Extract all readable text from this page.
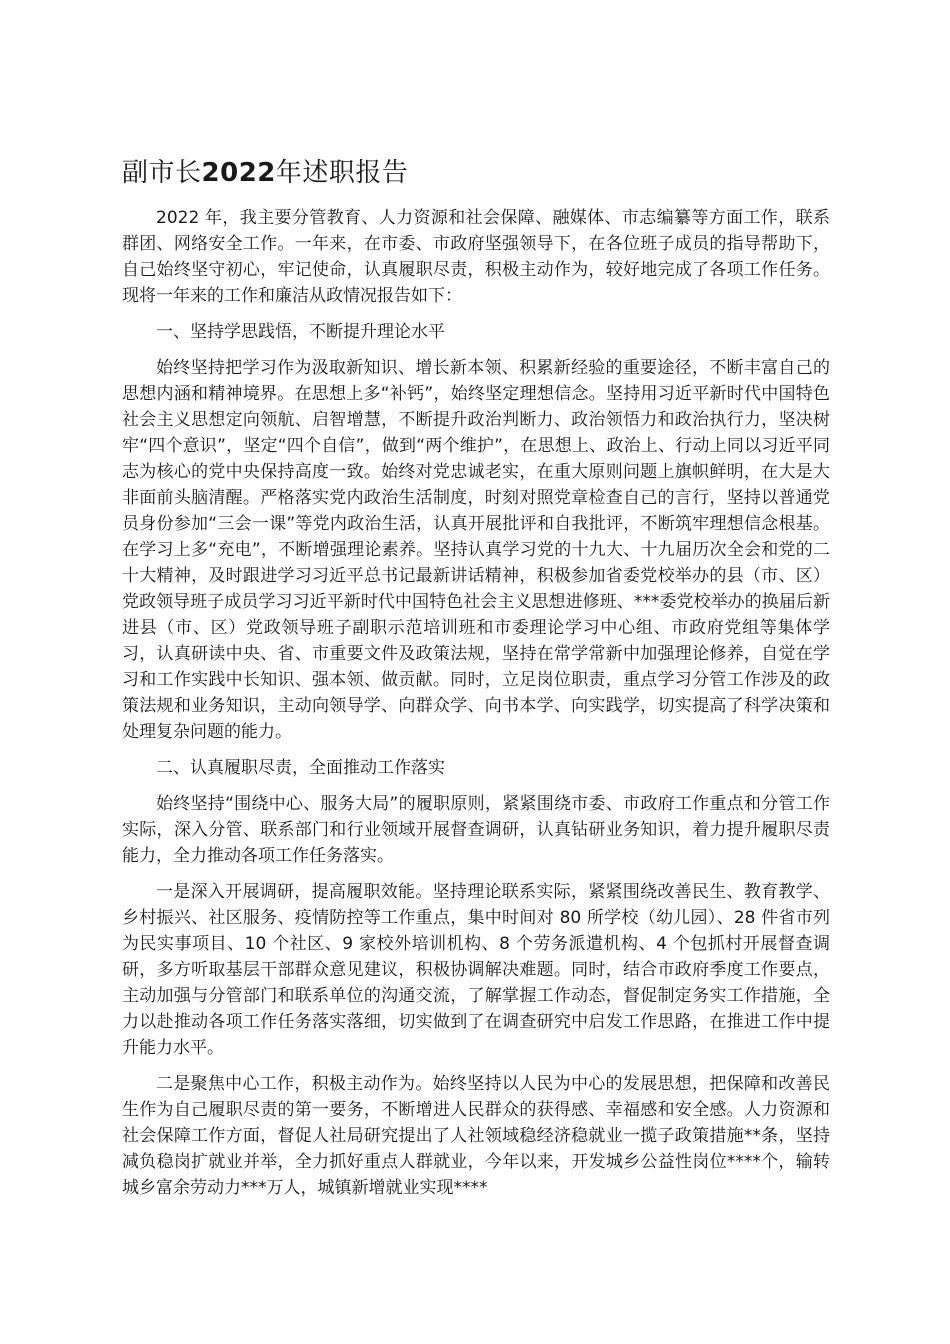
副市长2022年述职报告

2022 年，我主要分管教育、人力资源和社会保障、融媒体、市志编纂等方面工作，联系群团、网络安全工作。一年来，在市委、市政府坚强领导下，在各位班子成员的指导帮助下，自己始终坚守初心，牢记使命，认真履职尽责，积极主动作为，较好地完成了各项工作任务。现将一年来的工作和廉洁从政情况报告如下：

一、坚持学思践悟，不断提升理论水平

始终坚持把学习作为汲取新知识、增长新本领、积累新经验的重要途径，不断丰富自己的思想内涵和精神境界。在思想上多“补钙”，始终坚定理想信念。坚持用习近平新时代中国特色社会主义思想定向领航、启智增慧，不断提升政治判断力、政治领悟力和政治执行力，坚决树牢“四个意识”，坚定“四个自信”，做到“两个维护”，在思想上、政治上、行动上同以习近平同志为核心的党中央保持高度一致。始终对党忠诚老实，在重大原则问题上旗帜鲜明，在大是大非面前头脑清醒。严格落实党内政治生活制度，时刻对照党章检查自己的言行，坚持以普通党员身份参加“三会一课”等党内政治生活，认真开展批评和自我批评，不断筑牢理想信念根基。在学习上多“充电”，不断增强理论素养。坚持认真学习党的十九大、十九届历次全会和党的二十大精神，及时跟进学习习近平总书记最新讲话精神，积极参加省委党校举办的县（市、区）党政领导班子成员学习习近平新时代中国特色社会主义思想进修班、***委党校举办的换届后新进县（市、区）党政领导班子副职示范培训班和市委理论学习中心组、市政府党组等集体学习，认真研读中央、省、市重要文件及政策法规，坚持在常学常新中加强理论修养，自觉在学习和工作实践中长知识、强本领、做贡献。同时，立足岗位职责，重点学习分管工作涉及的政策法规和业务知识，主动向领导学、向群众学、向书本学、向实践学，切实提高了科学决策和处理复杂问题的能力。

二、认真履职尽责，全面推动工作落实

始终坚持“围绕中心、服务大局”的履职原则，紧紧围绕市委、市政府工作重点和分管工作实际，深入分管、联系部门和行业领域开展督查调研，认真钻研业务知识，着力提升履职尽责能力，全力推动各项工作任务落实。

一是深入开展调研，提高履职效能。坚持理论联系实际，紧紧围绕改善民生、教育教学、乡村振兴、社区服务、疫情防控等工作重点，集中时间对 80 所学校（幼儿园）、28 件省市列为民实事项目、10 个社区、9 家校外培训机构、8 个劳务派遣机构、4 个包抓村开展督查调研，多方听取基层干部群众意见建议，积极协调解决难题。同时，结合市政府季度工作要点，主动加强与分管部门和联系单位的沟通交流，了解掌握工作动态，督促制定务实工作措施，全力以赴推动各项工作任务落实落细，切实做到了在调查研究中启发工作思路，在推进工作中提升能力水平。

二是聚焦中心工作，积极主动作为。始终坚持以人民为中心的发展思想，把保障和改善民生作为自己履职尽责的第一要务，不断增进人民群众的获得感、幸福感和安全感。人力资源和社会保障工作方面，督促人社局研究提出了人社领域稳经济稳就业一揽子政策措施**条，坚持减负稳岗扩就业并举，全力抓好重点人群就业，今年以来，开发城乡公益性岗位****个，输转城乡富余劳动力***万人，城镇新增就业实现****
